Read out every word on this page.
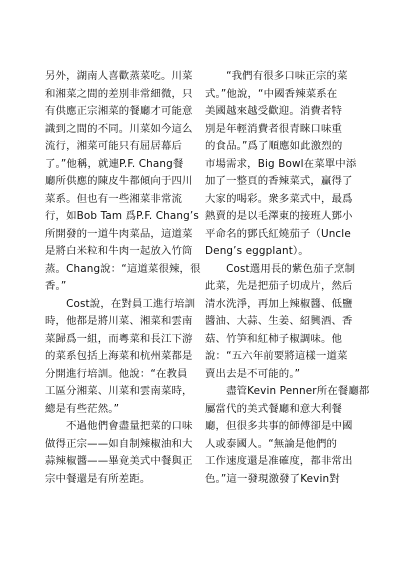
另外，湖南人喜歡蒸菜吃。川菜
和湘菜之間的差別非常細微，只
有供應正宗湘菜的餐廳才可能意
識到之間的不同。川菜如今這么
流行，湘菜可能只有屈居幕后
了。”他稱，就連P.F. Chang餐
廳所供應的陳皮牛都傾向于四川
菜系。但也有一些湘菜非常流
行，如Bob Tam 爲P.F. Chang’s
所開發的一道牛肉菜品，這道菜
是將白米粒和牛肉一起放入竹筒
蒸。Chang說：“這道菜很辣，很
香。”
　　Cost說，在對員工進行培訓
時，他都是將川菜、湘菜和雲南
菜歸爲一組，而粵菜和長江下游
的菜系包括上海菜和杭州菜都是
分開進行培訓。他說：“在教員
工區分湘菜、川菜和雲南菜時，
總是有些茫然。”
　　不過他們會盡量把菜的口味
做得正宗——如自制辣椒油和大
蒜辣椒醬——畢竟美式中餐與正
宗中餐還是有所差距。
　　“我們有很多口味正宗的菜
式。”他說，“中國香辣菜系在
美國越來越受歡迎。消費者特
別是年輕消費者很青睞口味重
的食品。”爲了順應如此激烈的
市場需求，Big Bowl在菜單中添
加了一整頁的香辣菜式，贏得了
大家的喝彩。衆多菜式中，最爲
熱賣的是以毛澤東的接班人鄧小
平命名的鄧氏紅燒茄子（Uncle
Deng’s eggplant）。
　　Cost選用長的紫色茄子烹制
此菜，先是把茄子切成片，然后
清水洗淨，再加上辣椒醬、低鹽
醬油、大蒜、生姜、紹興酒、香
菇、竹笋和紅柿子椒調味。他
說：“五六年前要將這樣一道菜
賣出去是不可能的。”
　　盡管Kevin Penner所在餐廳都
屬當代的美式餐廳和意大利餐
廳，但很多共事的師傅卻是中國
人或泰國人。“無論是他們的
工作速度還是准確度，都非常出
色。”這一發現激發了Kevin對
